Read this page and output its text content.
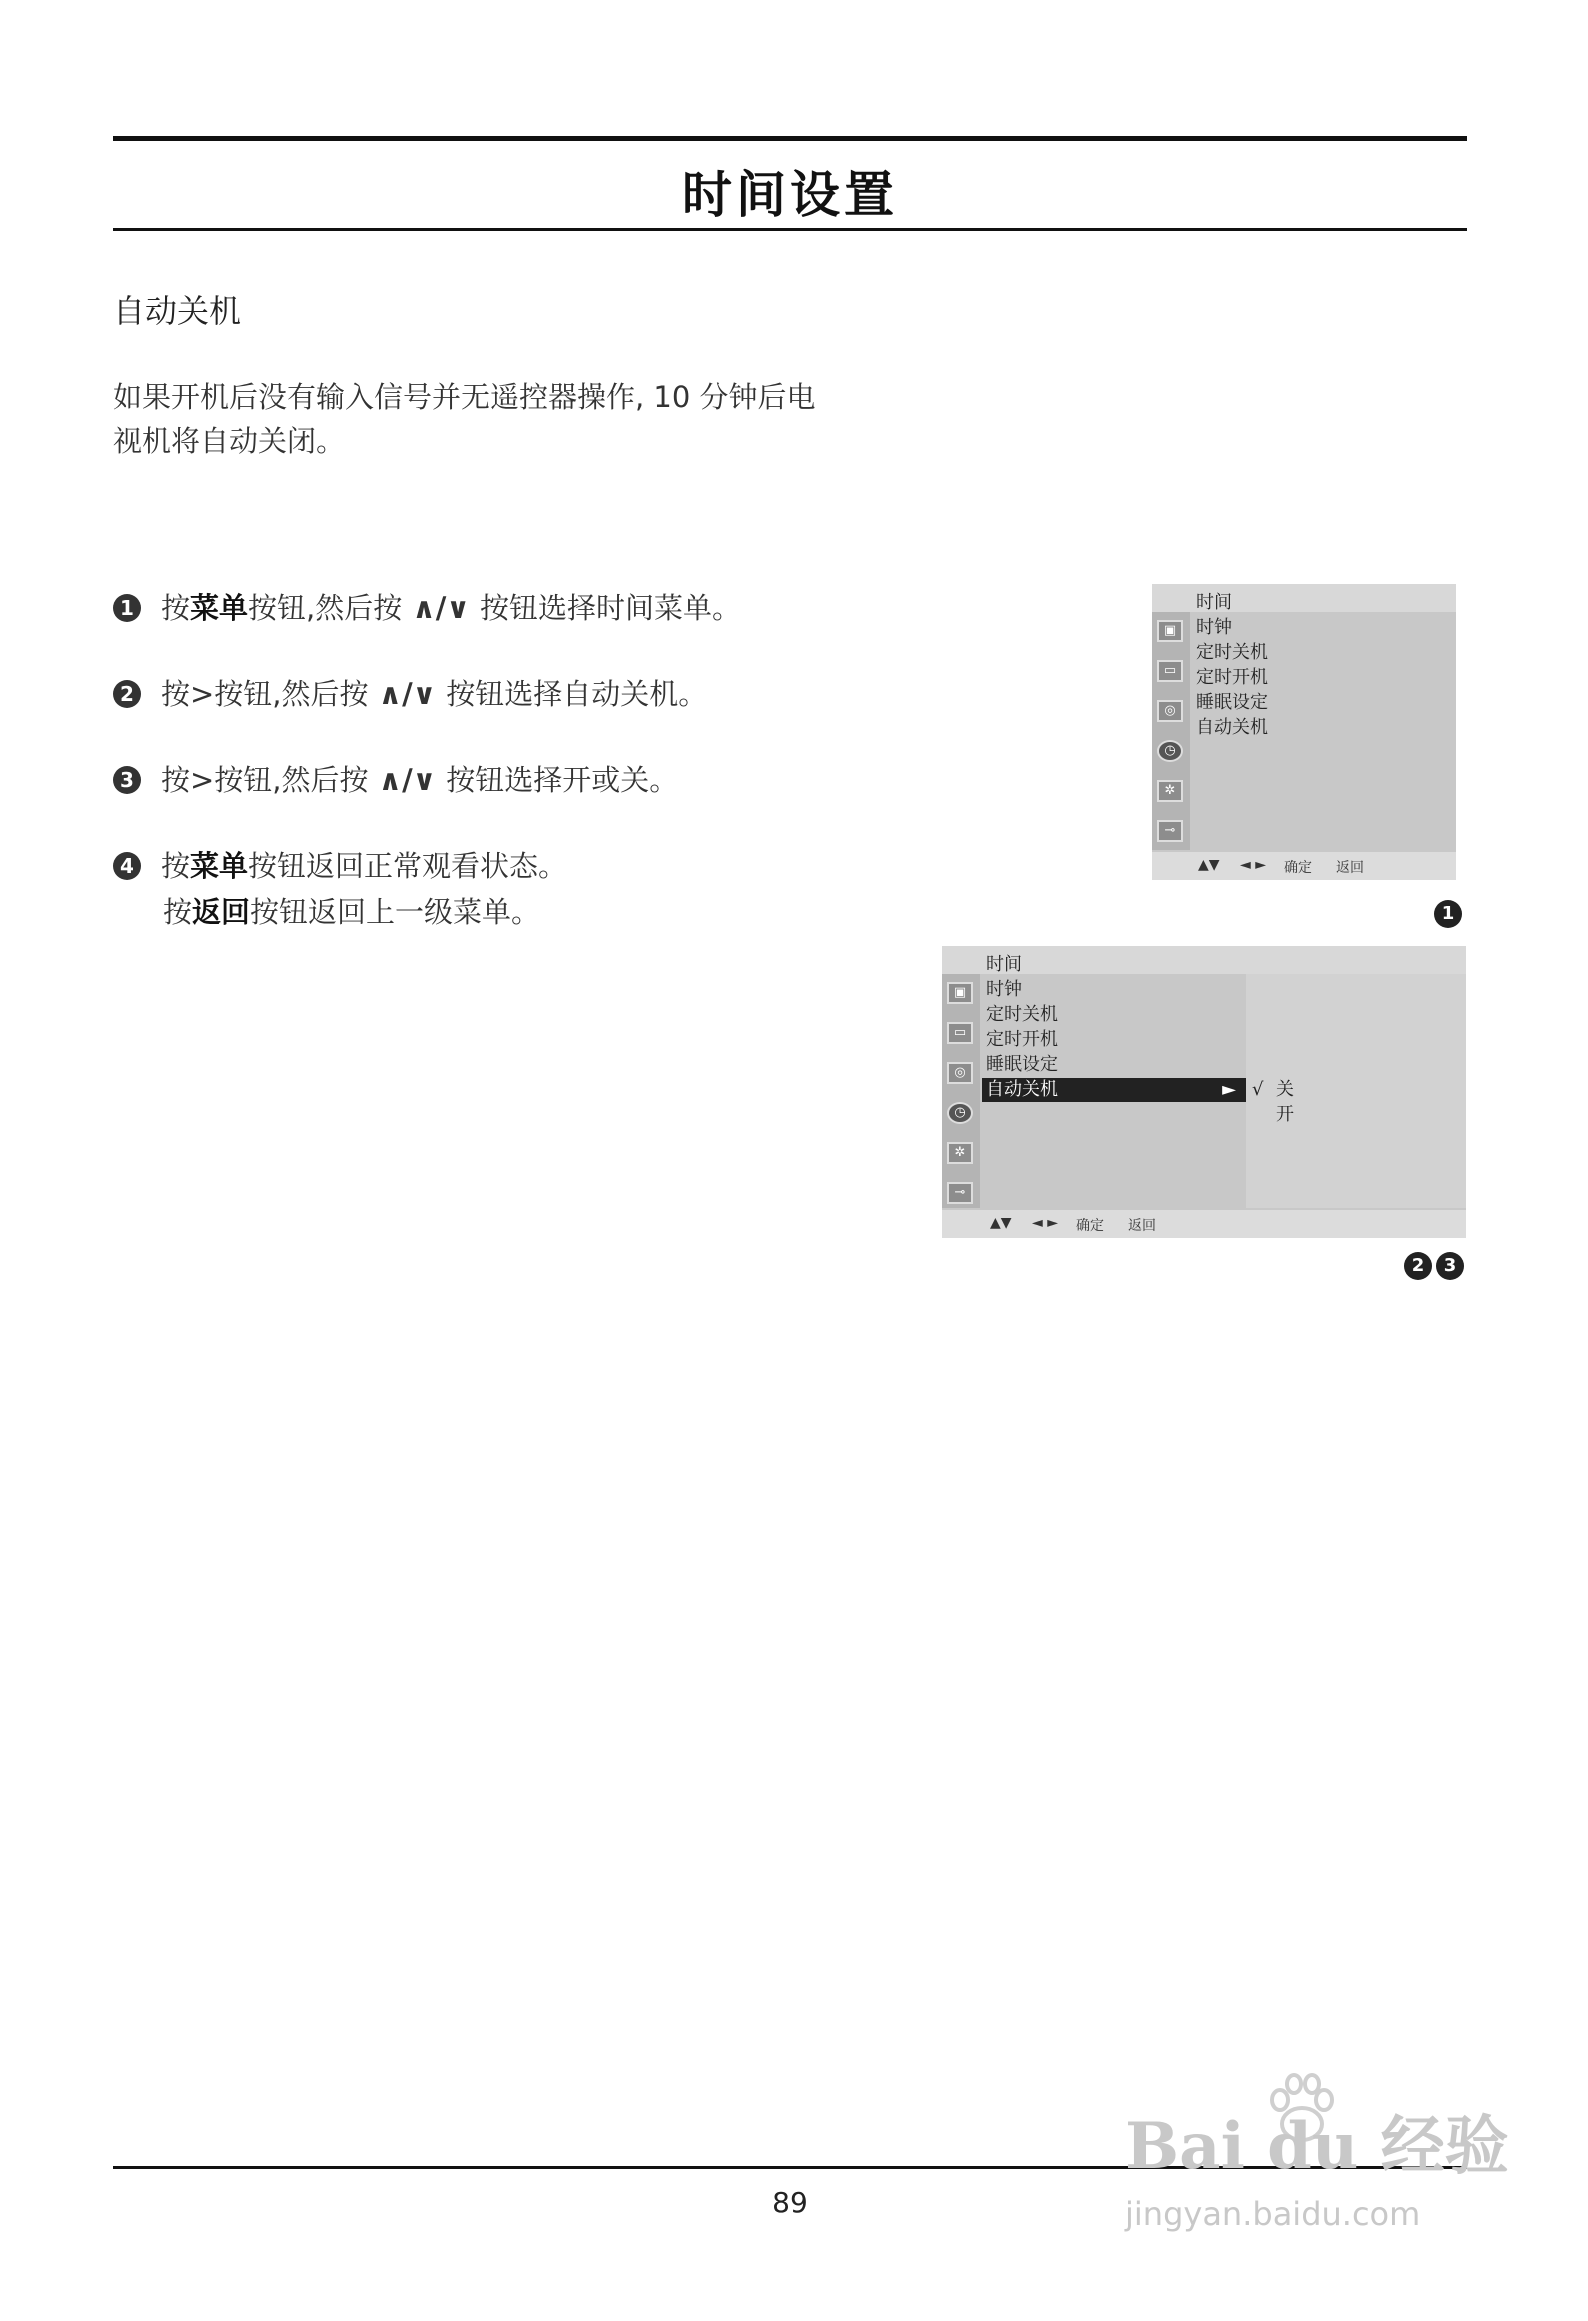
时间设置
自动关机
如果开机后没有输入信号并无遥控器操作, 10 分钟后电
视机将自动关闭。
1 按菜单按钮,然后按 ∧/∨ 按钮选择时间菜单。
2 按>按钮,然后按 ∧/∨ 按钮选择自动关机。
3 按>按钮,然后按 ∧/∨ 按钮选择开或关。
4 按菜单按钮返回正常观看状态。
按返回按钮返回上一级菜单。
时间
▣
▭
◎
◷
✲
⊸
时钟
定时关机
定时开机
睡眠设定
自动关机
▲▼ ◄ ► 确定 返回
1
时间
▣
▭
◎
◷
✲
⊸
时钟
定时关机
定时开机
睡眠设定
自动关机	► √ 关
开
▲▼ ◄ ► 确定 返回
2	3
89
Bai du 经验
jingyan.baidu.com
